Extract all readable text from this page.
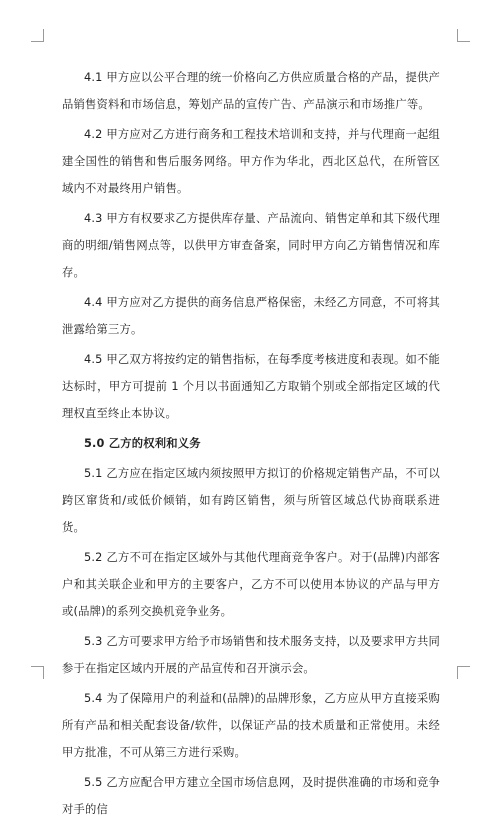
4.1 甲方应以公平合理的统一价格向乙方供应质量合格的产品，提供产品销售资料和市场信息，筹划产品的宣传广告、产品演示和市场推广等。

4.2 甲方应对乙方进行商务和工程技术培训和支持，并与代理商一起组建全国性的销售和售后服务网络。甲方作为华北，西北区总代，在所管区域内不对最终用户销售。

4.3 甲方有权要求乙方提供库存量、产品流向、销售定单和其下级代理商的明细/销售网点等，以供甲方审查备案，同时甲方向乙方销售情况和库存。

4.4 甲方应对乙方提供的商务信息严格保密，未经乙方同意，不可将其泄露给第三方。

4.5 甲乙双方将按约定的销售指标，在每季度考核进度和表现。如不能达标时，甲方可提前 1 个月以书面通知乙方取销个别或全部指定区域的代理权直至终止本协议。

5.0 乙方的权利和义务

5.1 乙方应在指定区域内须按照甲方拟订的价格规定销售产品，不可以跨区窜货和/或低价倾销，如有跨区销售，须与所管区域总代协商联系进货。

5.2 乙方不可在指定区域外与其他代理商竞争客户。对于(品牌)内部客户和其关联企业和甲方的主要客户，乙方不可以使用本协议的产品与甲方或(品牌)的系列交换机竞争业务。

5.3 乙方可要求甲方给予市场销售和技术服务支持，以及要求甲方共同参于在指定区域内开展的产品宣传和召开演示会。

5.4 为了保障用户的利益和(品牌)的品牌形象，乙方应从甲方直接采购所有产品和相关配套设备/软件，以保证产品的技术质量和正常使用。未经甲方批准，不可从第三方进行采购。

5.5 乙方应配合甲方建立全国市场信息网，及时提供准确的市场和竞争对手的信
